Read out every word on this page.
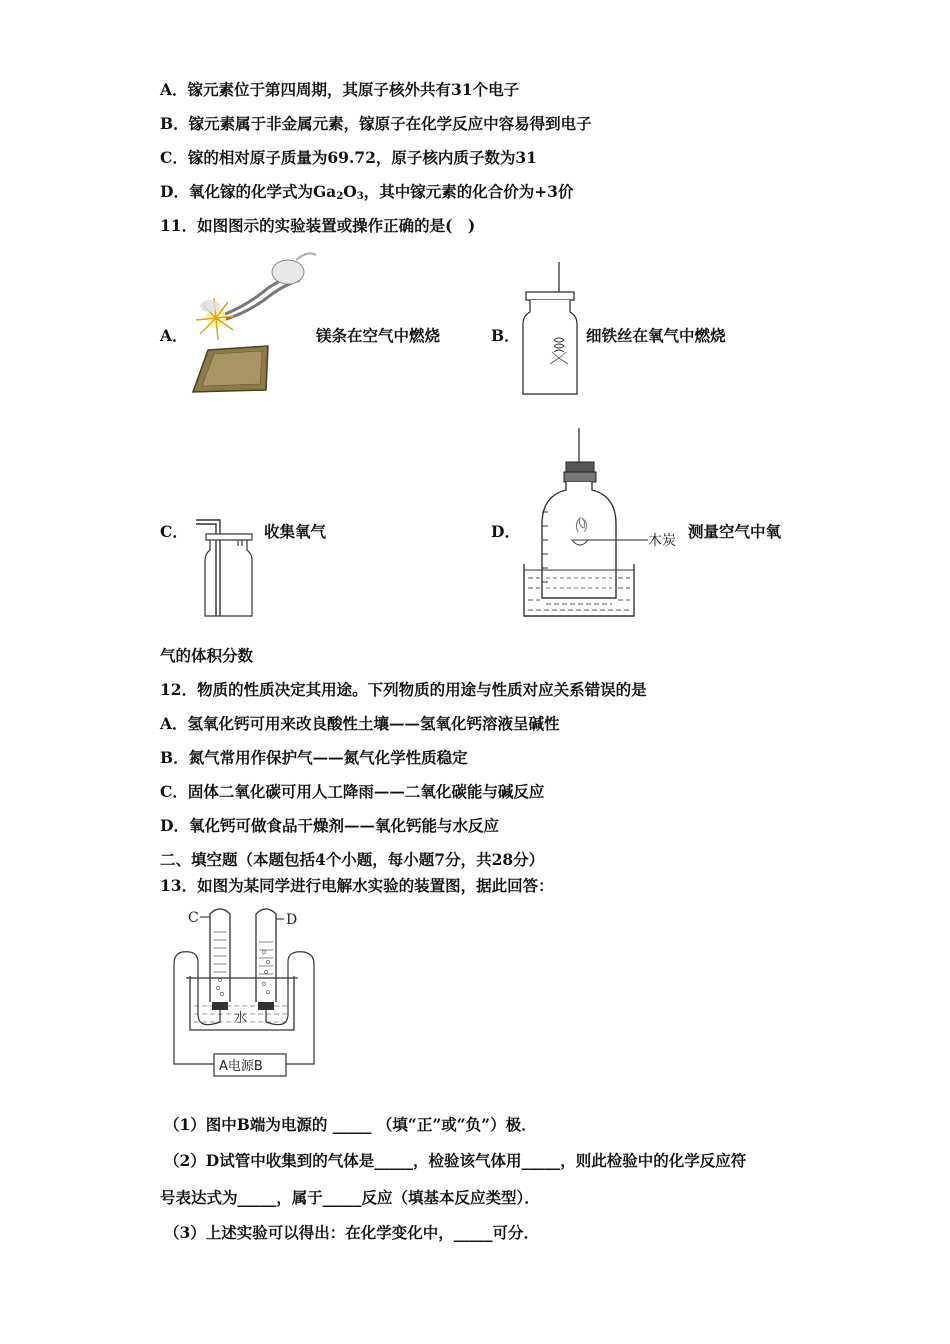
A．镓元素位于第四周期，其原子核外共有31个电子
B．镓元素属于非金属元素，镓原子在化学反应中容易得到电子
C．镓的相对原子质量为69.72，原子核内质子数为31
D．氧化镓的化学式为$Ga_2O_3$，其中镓元素的化合价为+3价
11．如图图示的实验装置或操作正确的是(　)
A．	镁条在空气中燃烧	B．	细铁丝在氧气中燃烧
C．	收集氧气	D．	木炭 测量空气中氧
气的体积分数
12．物质的性质决定其用途。下列物质的用途与性质对应关系错误的是
A．氢氧化钙可用来改良酸性土壤——氢氧化钙溶液呈碱性
B．氮气常用作保护气——氮气化学性质稳定
C．固体二氧化碳可用人工降雨——二氧化碳能与碱反应
D．氧化钙可做食品干燥剂——氧化钙能与水反应
二、填空题（本题包括4个小题，每小题7分，共28分）
13．如图为某同学进行电解水实验的装置图，据此回答：
C	D
水
A电源B
（1）图中B端为电源的 _____ （填“正”或“负”）极．
（2）D试管中收集到的气体是_____，检验该气体用_____，则此检验中的化学反应符
号表达式为_____，属于_____反应（填基本反应类型）．
（3）上述实验可以得出：在化学变化中，_____可分．
